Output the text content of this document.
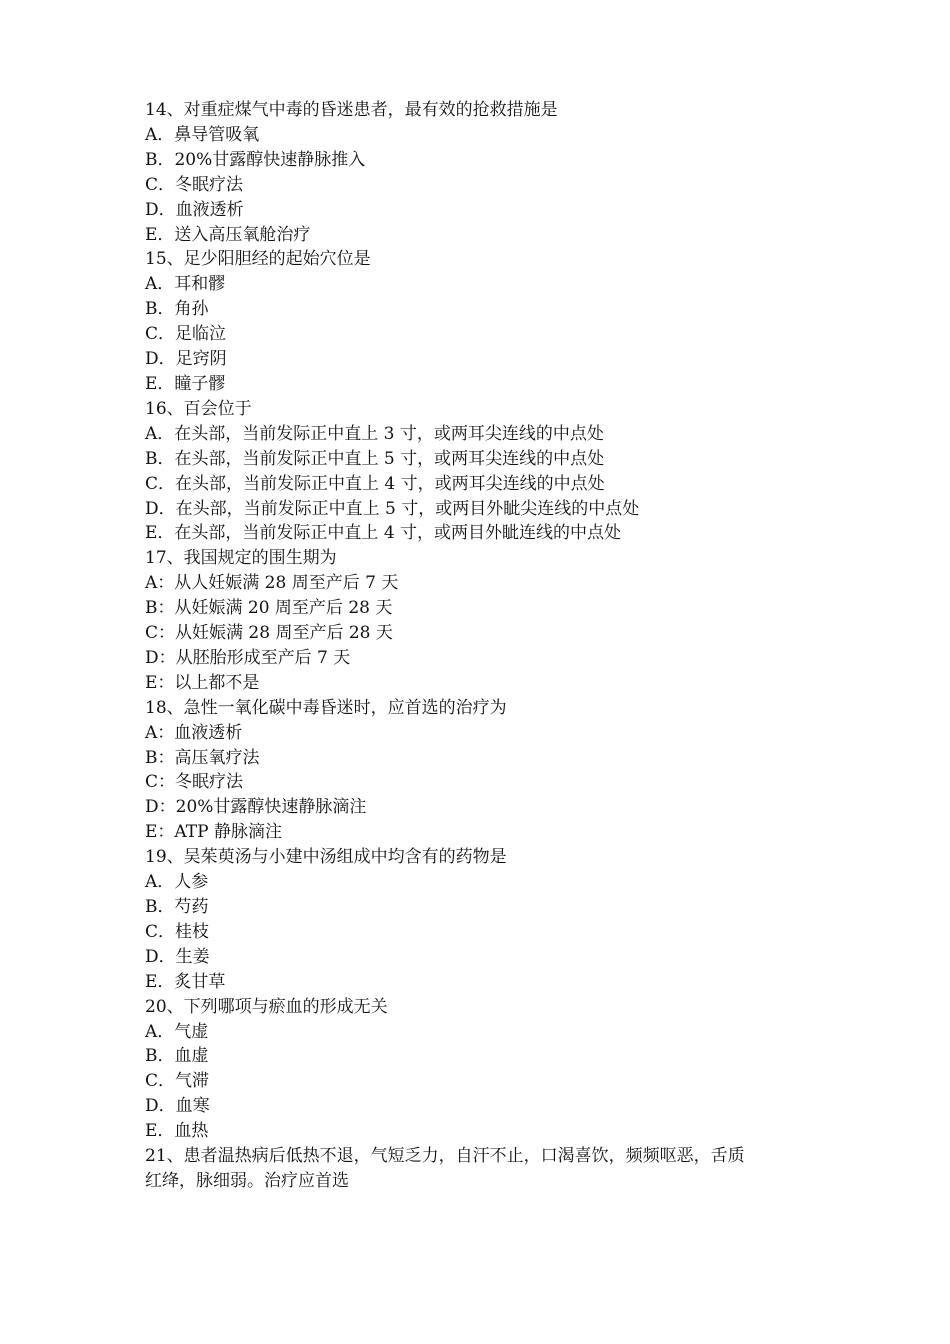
14、对重症煤气中毒的昏迷患者，最有效的抢救措施是
A．鼻导管吸氧
B．20%甘露醇快速静脉推入
C．冬眠疗法
D．血液透析
E．送入高压氧舱治疗
15、足少阳胆经的起始穴位是
A．耳和髎
B．角孙
C．足临泣
D．足窍阴
E．瞳子髎
16、百会位于
A．在头部，当前发际正中直上 3 寸，或两耳尖连线的中点处
B．在头部，当前发际正中直上 5 寸，或两耳尖连线的中点处
C．在头部，当前发际正中直上 4 寸，或两耳尖连线的中点处
D．在头部，当前发际正中直上 5 寸，或两目外眦尖连线的中点处
E．在头部，当前发际正中直上 4 寸，或两目外眦连线的中点处
17、我国规定的围生期为
A：从人妊娠满 28 周至产后 7 天
B：从妊娠满 20 周至产后 28 天
C：从妊娠满 28 周至产后 28 天
D：从胚胎形成至产后 7 天
E：以上都不是
18、急性一氧化碳中毒昏迷时，应首选的治疗为
A：血液透析
B：高压氧疗法
C：冬眠疗法
D：20%甘露醇快速静脉滴注
E：ATP 静脉滴注
19、吴茱萸汤与小建中汤组成中均含有的药物是
A．人参
B．芍药
C．桂枝
D．生姜
E．炙甘草
20、下列哪项与瘀血的形成无关
A．气虚
B．血虚
C．气滞
D．血寒
E．血热
21、患者温热病后低热不退，气短乏力，自汗不止，口渴喜饮，频频呕恶，舌质
红绛，脉细弱。治疗应首选
